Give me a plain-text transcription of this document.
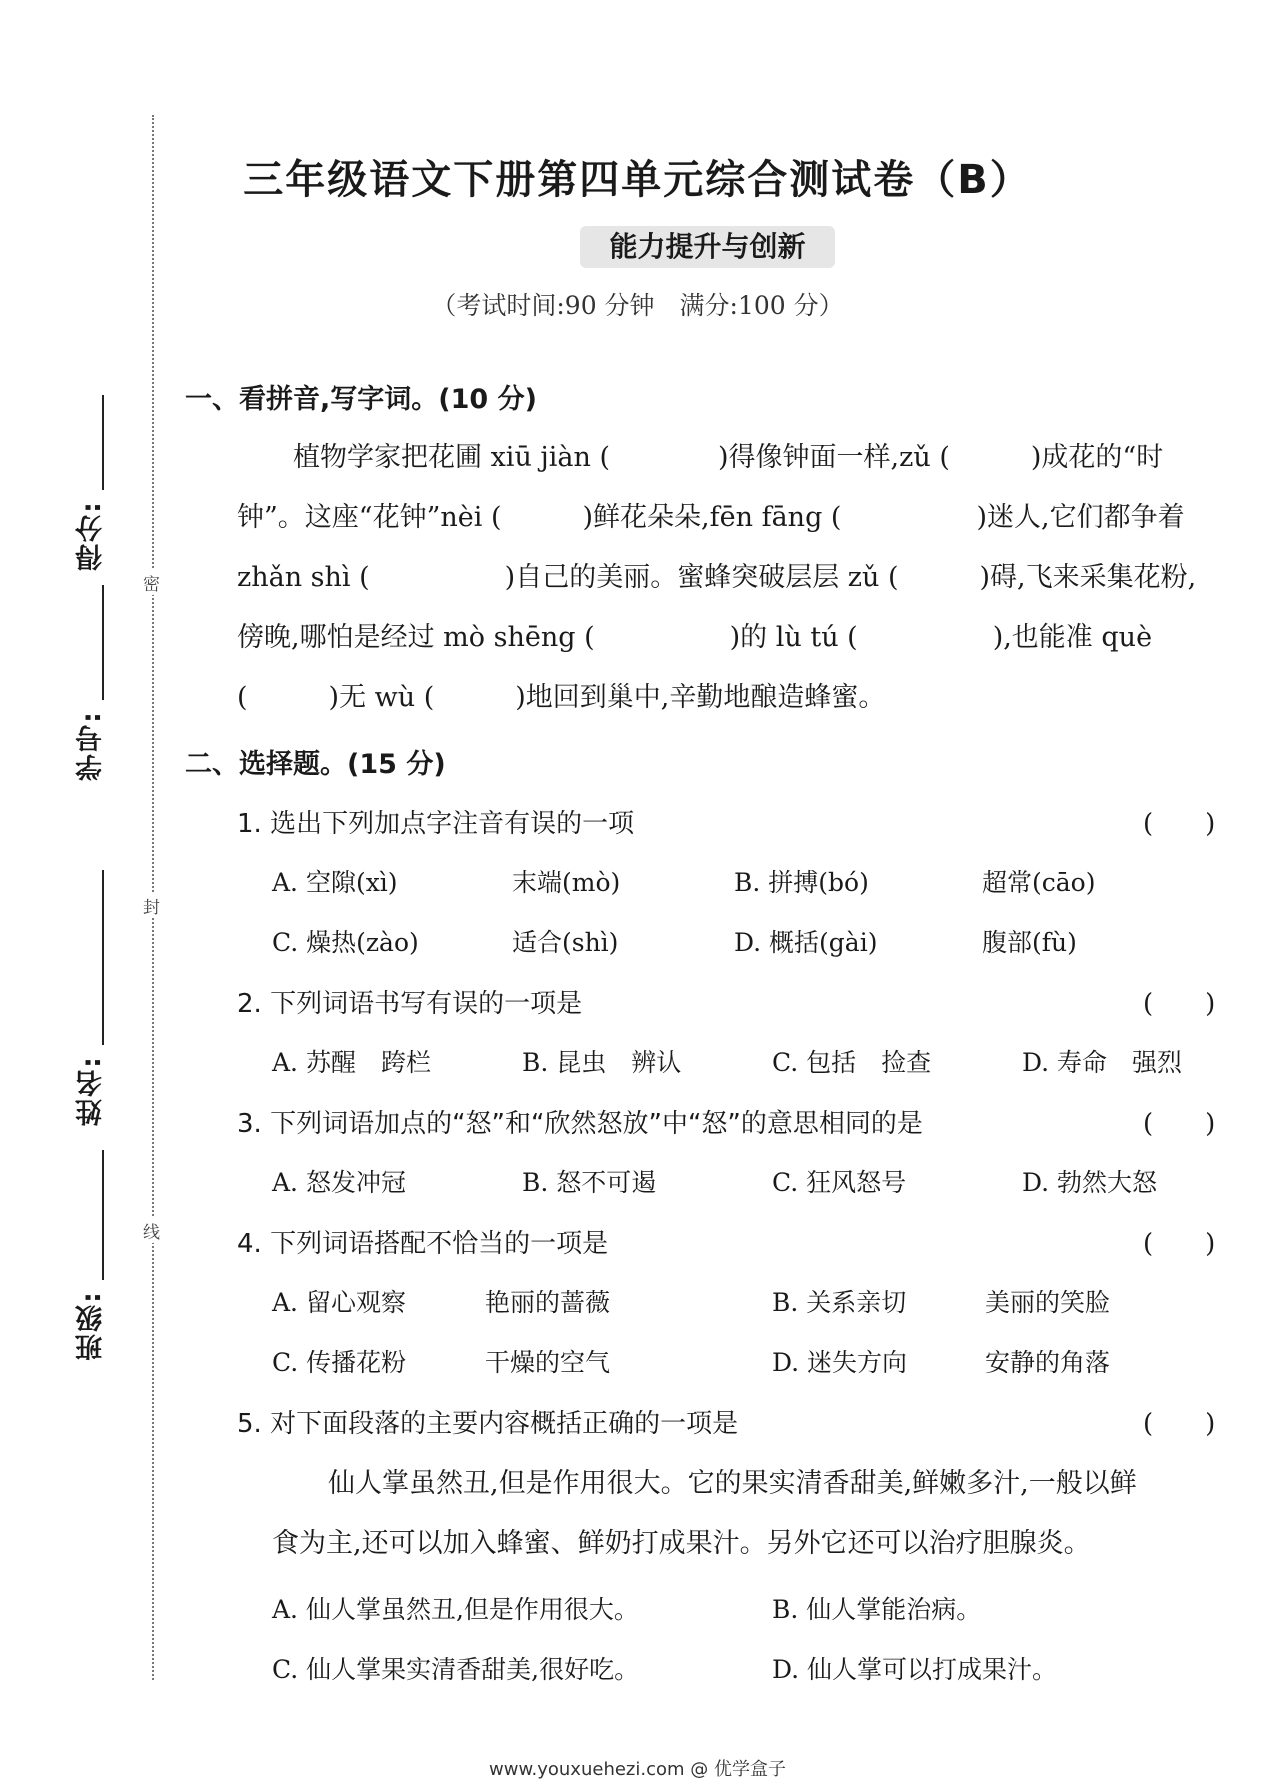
得分:
学号:
姓名:
班级:
密
封
线
三年级语文下册第四单元综合测试卷（B）
能力提升与创新
（考试时间:90 分钟　满分:100 分）
一、看拼音,写字词。(10 分)
植物学家把花圃 xiū jiàn (　　　　)得像钟面一样,zǔ (　　　)成花的“时
钟”。这座“花钟”nèi (　　　)鲜花朵朵,fēn fāng (　　　　　)迷人,它们都争着
zhǎn shì (　　　　　)自己的美丽。蜜蜂突破层层 zǔ (　　　)碍,飞来采集花粉,
傍晚,哪怕是经过 mò shēng (　　　　　)的 lù tú (　　　　　),也能准 què
(　　　)无 wù (　　　)地回到巢中,辛勤地酿造蜂蜜。
二、选择题。(15 分)
1. 选出下列加点字注音有误的一项	(　　)
A. 空隙(xì)	末端(mò)	B. 拼搏(bó)	超常(cāo)
C. 燥热(zào)	适合(shì)	D. 概括(gài)	腹部(fù)
2. 下列词语书写有误的一项是	(　　)
A. 苏醒　跨栏	B. 昆虫　辨认	C. 包括　捡查	D. 寿命　强烈
3. 下列词语加点的“怒”和“欣然怒放”中“怒”的意思相同的是	(　　)
A. 怒发冲冠	B. 怒不可遏	C. 狂风怒号	D. 勃然大怒
4. 下列词语搭配不恰当的一项是	(　　)
A. 留心观察	艳丽的蔷薇	B. 关系亲切	美丽的笑脸
C. 传播花粉	干燥的空气	D. 迷失方向	安静的角落
5. 对下面段落的主要内容概括正确的一项是	(　　)
仙人掌虽然丑,但是作用很大。它的果实清香甜美,鲜嫩多汁,一般以鲜
食为主,还可以加入蜂蜜、鲜奶打成果汁。另外它还可以治疗胆腺炎。
A. 仙人掌虽然丑,但是作用很大。	B. 仙人掌能治病。
C. 仙人掌果实清香甜美,很好吃。	D. 仙人掌可以打成果汁。
www.youxuehezi.com @ 优学盒子
